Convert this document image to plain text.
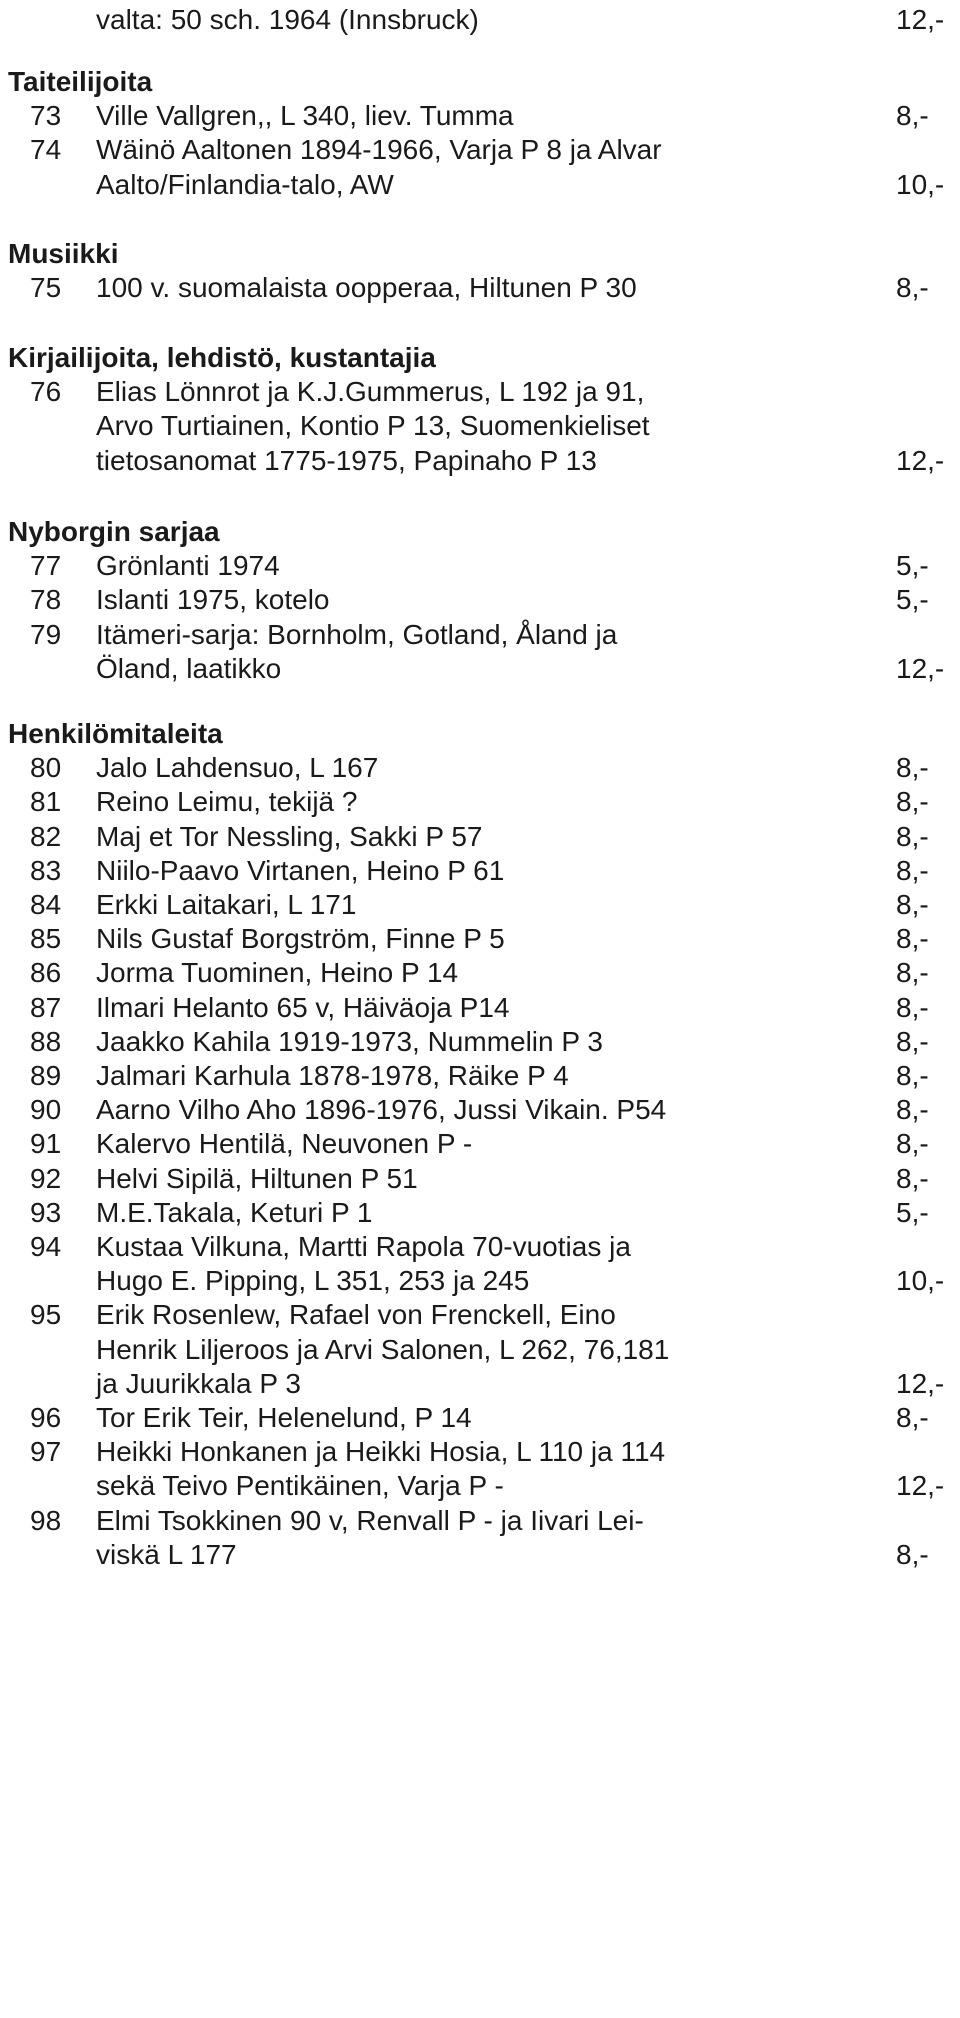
valta: 50 sch. 1964 (Innsbruck)	12,-
Taiteilijoita
73 Ville Vallgren,, L 340, liev. Tumma	8,-
74 Wäinö Aaltonen 1894-1966, Varja P 8 ja Alvar
Aalto/Finlandia-talo, AW	10,-
Musiikki
75 100 v. suomalaista oopperaa, Hiltunen P 30	8,-
Kirjailijoita, lehdistö, kustantajia
76 Elias Lönnrot ja K.J.Gummerus, L 192 ja 91,
Arvo Turtiainen, Kontio P 13, Suomenkieliset
tietosanomat 1775-1975, Papinaho P 13	12,-
Nyborgin sarjaa
77 Grönlanti 1974	5,-
78 Islanti 1975, kotelo	5,-
79 Itämeri-sarja: Bornholm, Gotland, Åland ja
Öland, laatikko	12,-
Henkilömitaleita
80 Jalo Lahdensuo, L 167	8,-
81 Reino Leimu, tekijä ?	8,-
82 Maj et Tor Nessling, Sakki P 57	8,-
83 Niilo-Paavo Virtanen, Heino P 61	8,-
84 Erkki Laitakari, L 171	8,-
85 Nils Gustaf Borgström, Finne P 5	8,-
86 Jorma Tuominen, Heino P 14	8,-
87 Ilmari Helanto 65 v, Häiväoja P14	8,-
88 Jaakko Kahila 1919-1973, Nummelin P 3	8,-
89 Jalmari Karhula 1878-1978, Räike P 4	8,-
90 Aarno Vilho Aho 1896-1976, Jussi Vikain. P54	8,-
91 Kalervo Hentilä, Neuvonen P -	8,-
92 Helvi Sipilä, Hiltunen P 51	8,-
93 M.E.Takala, Keturi P 1	5,-
94 Kustaa Vilkuna, Martti Rapola 70-vuotias ja
Hugo E. Pipping, L 351, 253 ja 245	10,-
95 Erik Rosenlew, Rafael von Frenckell, Eino
Henrik Liljeroos ja Arvi Salonen, L 262, 76,181
ja Juurikkala P 3	12,-
96 Tor Erik Teir, Helenelund, P 14	8,-
97 Heikki Honkanen ja Heikki Hosia, L 110 ja 114
sekä Teivo Pentikäinen, Varja P -	12,-
98 Elmi Tsokkinen 90 v, Renvall P - ja Iivari Lei-
viskä L 177	8,-
